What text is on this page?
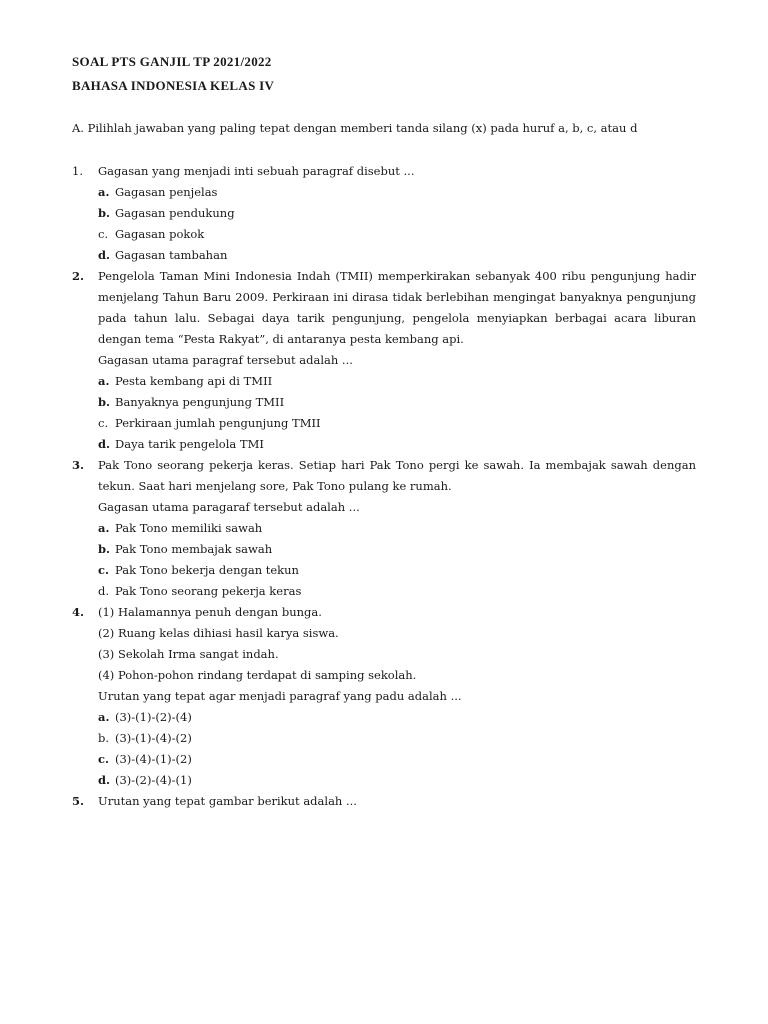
SOAL PTS GANJIL TP 2021/2022
BAHASA INDONESIA KELAS IV
A. Pilihlah jawaban yang paling tepat dengan memberi tanda silang (x) pada huruf a, b, c, atau d
1. Gagasan yang menjadi inti sebuah paragraf disebut ...
a. Gagasan penjelas
b. Gagasan pendukung
c. Gagasan pokok
d. Gagasan tambahan
2. Pengelola Taman Mini Indonesia Indah (TMII) memperkirakan sebanyak 400 ribu pengunjung hadir menjelang Tahun Baru 2009. Perkiraan ini dirasa tidak berlebihan mengingat banyaknya pengunjung pada tahun lalu. Sebagai daya tarik pengunjung, pengelola menyiapkan berbagai acara liburan dengan tema “Pesta Rakyat”, di antaranya pesta kembang api.
Gagasan utama paragraf tersebut adalah ...
a. Pesta kembang api di TMII
b. Banyaknya pengunjung TMII
c. Perkiraan jumlah pengunjung TMII
d. Daya tarik pengelola TMI
3. Pak Tono seorang pekerja keras. Setiap hari Pak Tono pergi ke sawah. Ia membajak sawah dengan tekun. Saat hari menjelang sore, Pak Tono pulang ke rumah.
Gagasan utama paragaraf tersebut adalah ...
a. Pak Tono memiliki sawah
b. Pak Tono membajak sawah
c. Pak Tono bekerja dengan tekun
d. Pak Tono seorang pekerja keras
4. (1) Halamannya penuh dengan bunga.
(2) Ruang kelas dihiasi hasil karya siswa.
(3) Sekolah Irma sangat indah.
(4) Pohon-pohon rindang terdapat di samping sekolah.
Urutan yang tepat agar menjadi paragraf yang padu adalah ...
a. (3)-(1)-(2)-(4)
b. (3)-(1)-(4)-(2)
c. (3)-(4)-(1)-(2)
d. (3)-(2)-(4)-(1)
5. Urutan yang tepat gambar berikut adalah ...
